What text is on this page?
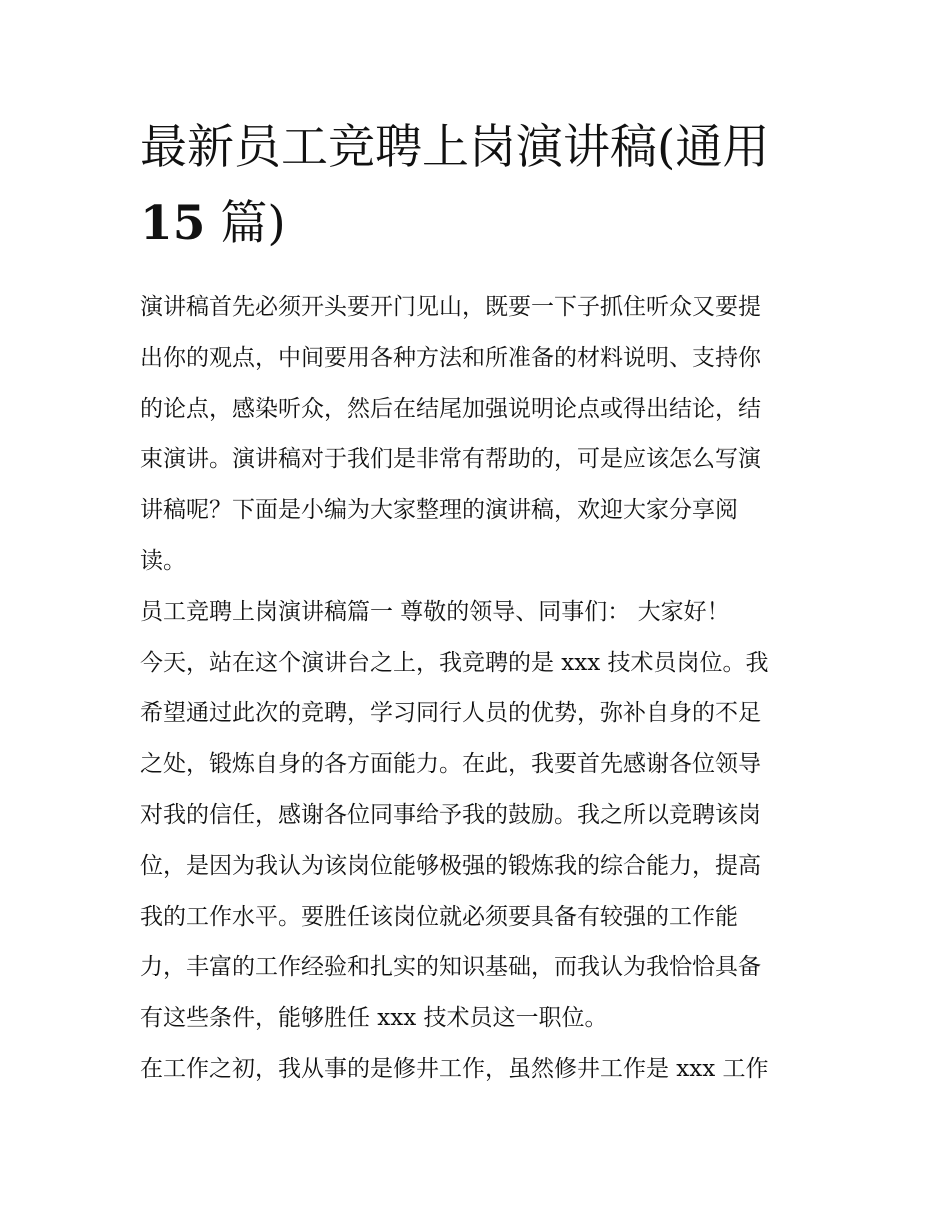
最新员工竞聘上岗演讲稿(通用
15 篇)

演讲稿首先必须开头要开门见山，既要一下子抓住听众又要提
出你的观点，中间要用各种方法和所准备的材料说明、支持你
的论点，感染听众，然后在结尾加强说明论点或得出结论，结
束演讲。演讲稿对于我们是非常有帮助的，可是应该怎么写演
讲稿呢？下面是小编为大家整理的演讲稿，欢迎大家分享阅
读。

员工竞聘上岗演讲稿篇一 尊敬的领导、同事们： 大家好！

今天，站在这个演讲台之上，我竞聘的是 xxx 技术员岗位。我
希望通过此次的竞聘，学习同行人员的优势，弥补自身的不足
之处，锻炼自身的各方面能力。在此，我要首先感谢各位领导
对我的信任，感谢各位同事给予我的鼓励。我之所以竞聘该岗
位，是因为我认为该岗位能够极强的锻炼我的综合能力，提高
我的工作水平。要胜任该岗位就必须要具备有较强的工作能
力，丰富的工作经验和扎实的知识基础，而我认为我恰恰具备
有这些条件，能够胜任 xxx 技术员这一职位。

在工作之初，我从事的是修井工作，虽然修井工作是 xxx 工作
